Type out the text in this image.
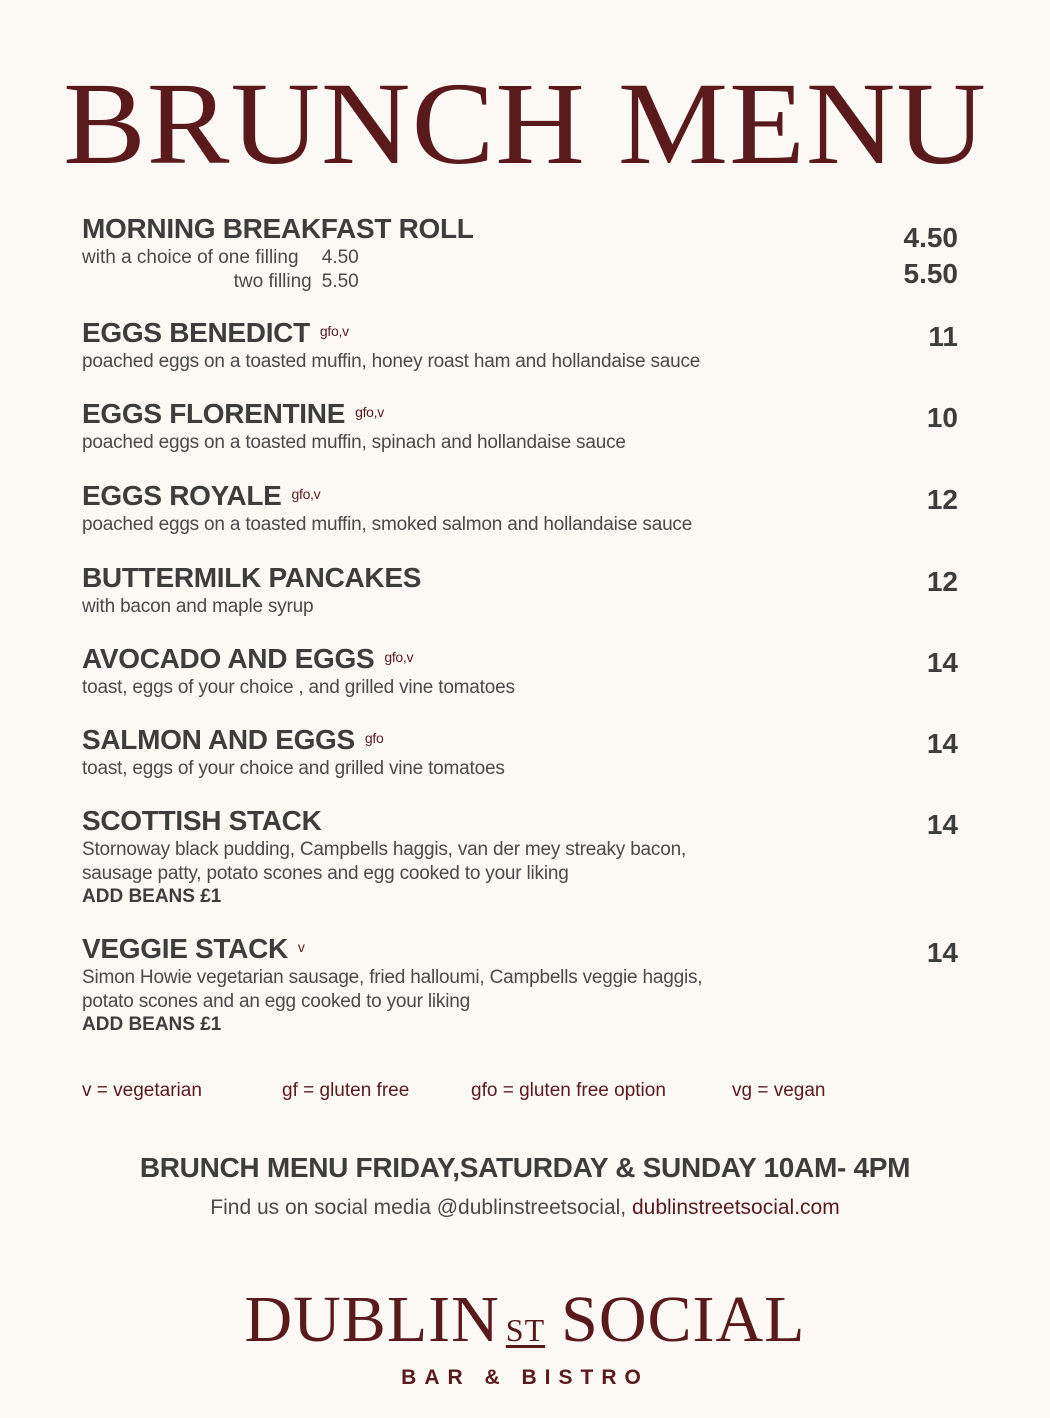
BRUNCH MENU
MORNING BREAKFAST ROLL
with a choice of one filling	4.50
two filling 5.50
4.50
5.50
EGGS BENEDICT $^{gfo,v}$
poached eggs on a toasted muffin, honey roast ham and hollandaise sauce
11
EGGS FLORENTINE $^{gfo,v}$
poached eggs on a toasted muffin, spinach and hollandaise sauce
10
EGGS ROYALE $^{gfo,v}$
poached eggs on a toasted muffin, smoked salmon and hollandaise sauce
12
BUTTERMILK PANCAKES
with bacon and maple syrup
12
AVOCADO AND EGGS $^{gfo,v}$
toast, eggs of your choice , and grilled vine tomatoes
14
SALMON AND EGGS $^{gfo}$
toast, eggs of your choice and grilled vine tomatoes
14
SCOTTISH STACK
Stornoway black pudding, Campbells haggis, van der mey streaky bacon,
sausage patty, potato scones and egg cooked to your liking
ADD BEANS £1
14
VEGGIE STACK $^v$
Simon Howie vegetarian sausage, fried halloumi, Campbells veggie haggis,
potato scones and an egg cooked to your liking
ADD BEANS £1
14
v = vegetarian	gf = gluten free	gfo = gluten free option	vg = vegan
BRUNCH MENU FRIDAY,SATURDAY & SUNDAY 10AM- 4PM
Find us on social media @dublinstreetsocial, dublinstreetsocial.com
DUBLIN $^{ST}$ SOCIAL
BAR & BISTRO
